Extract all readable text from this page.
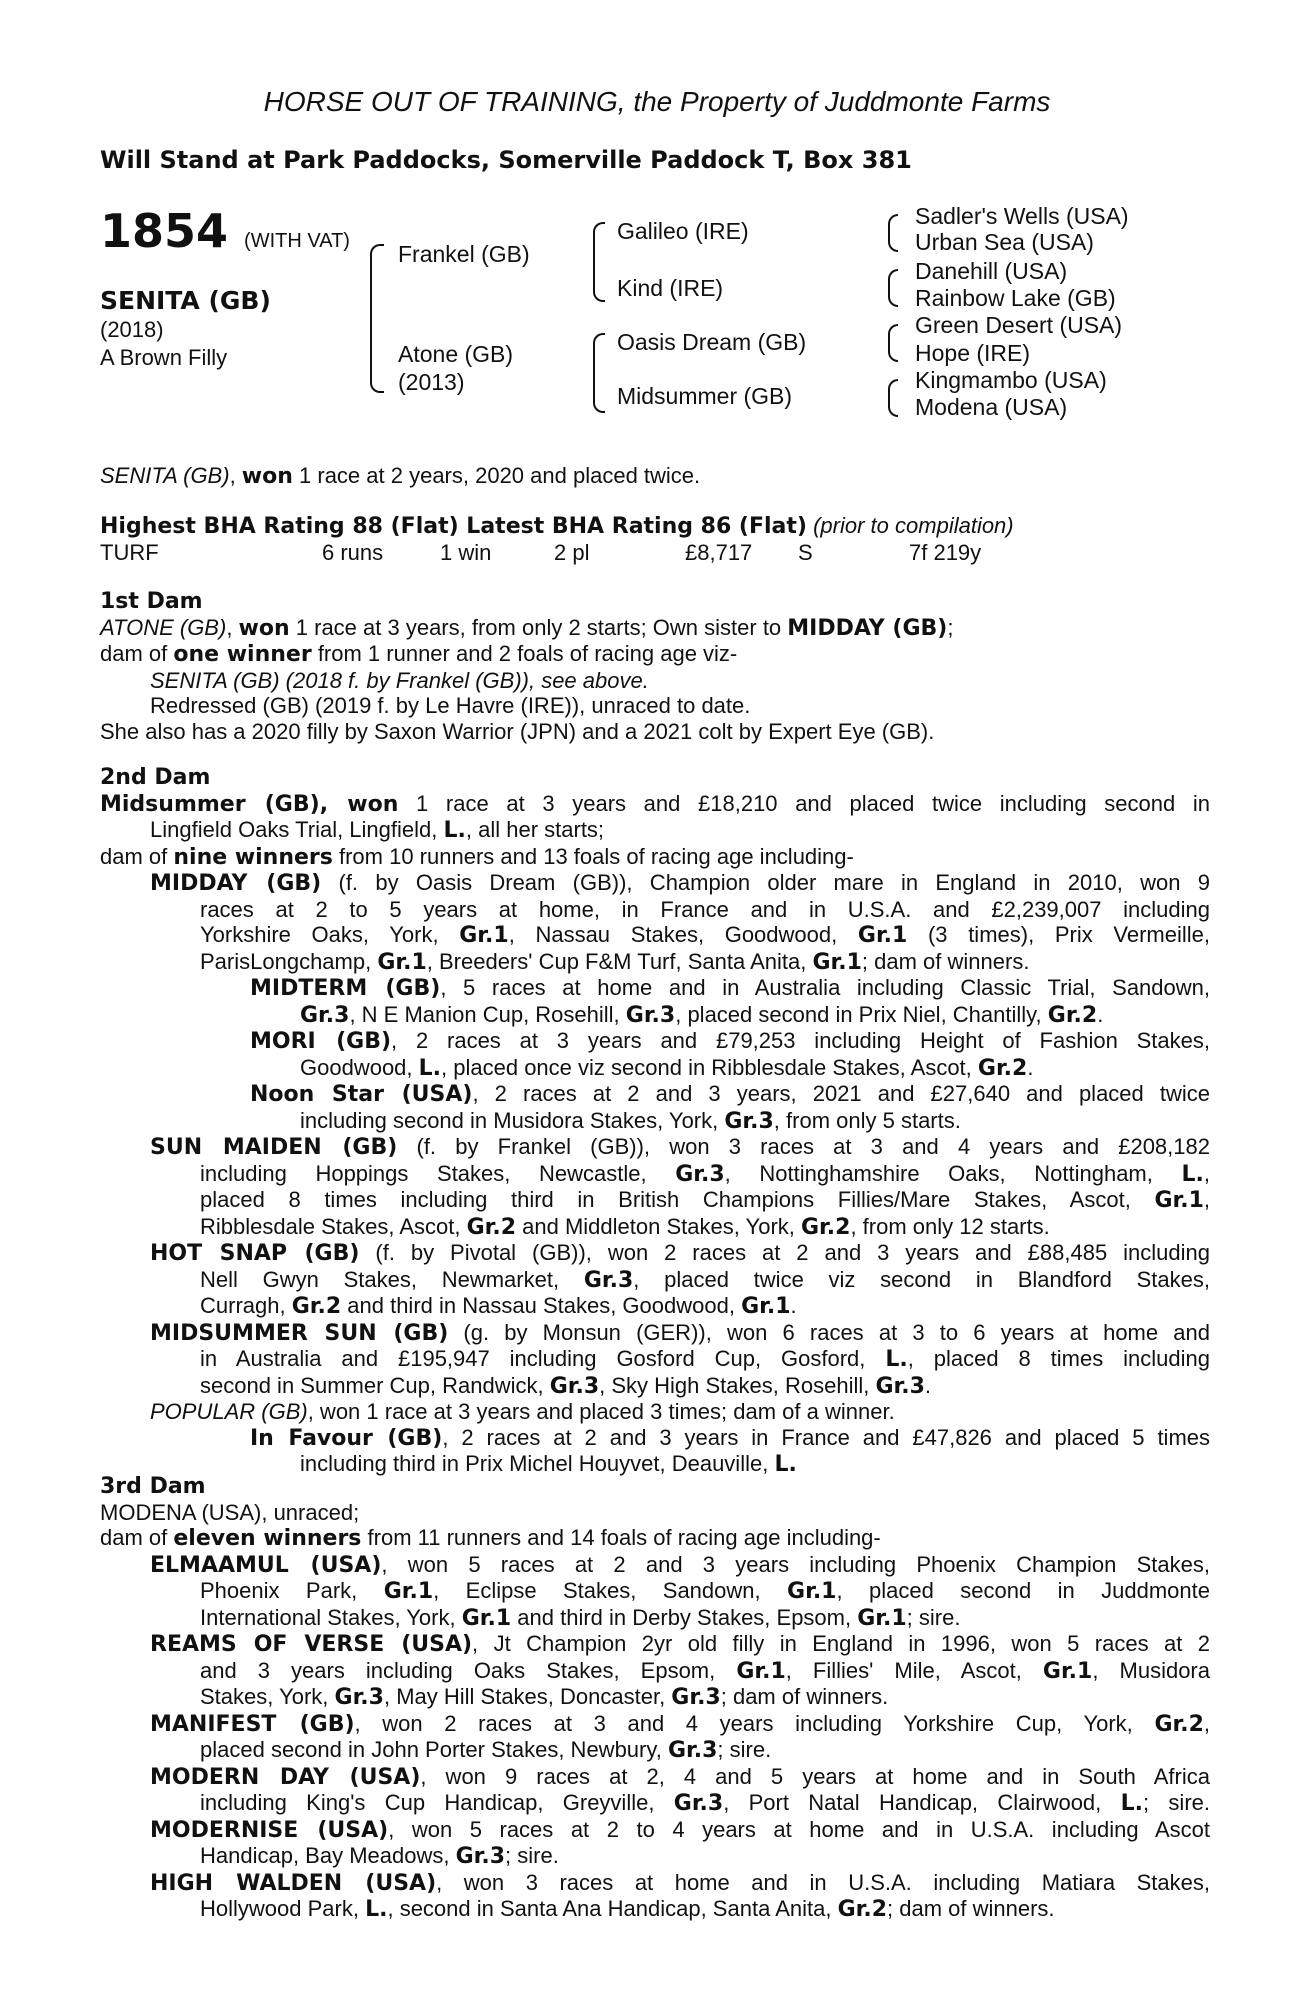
HORSE OUT OF TRAINING, the Property of Juddmonte Farms
Will Stand at Park Paddocks, Somerville Paddock T, Box 381
1854 (WITH VAT)
SENITA (GB)
(2018)
A Brown Filly
Frankel (GB)
Atone (GB)
(2013)
Galileo (IRE)
Kind (IRE)
Oasis Dream (GB)
Midsummer (GB)
Sadler's Wells (USA)
Urban Sea (USA)
Danehill (USA)
Rainbow Lake (GB)
Green Desert (USA)
Hope (IRE)
Kingmambo (USA)
Modena (USA)
SENITA (GB), won 1 race at 2 years, 2020 and placed twice.
Highest BHA Rating 88 (Flat) Latest BHA Rating 86 (Flat) (prior to compilation)
TURF	6 runs	1 win	2 pl	£8,717 S	7f 219y
1st Dam
ATONE (GB), won 1 race at 3 years, from only 2 starts; Own sister to MIDDAY (GB);
dam of one winner from 1 runner and 2 foals of racing age viz-
SENITA (GB) (2018 f. by Frankel (GB)), see above.
Redressed (GB) (2019 f. by Le Havre (IRE)), unraced to date.
She also has a 2020 filly by Saxon Warrior (JPN) and a 2021 colt by Expert Eye (GB).
2nd Dam
Midsummer (GB), won 1 race at 3 years and £18,210 and placed twice including second in
Lingfield Oaks Trial, Lingfield, L., all her starts;
dam of nine winners from 10 runners and 13 foals of racing age including-
MIDDAY (GB) (f. by Oasis Dream (GB)), Champion older mare in England in 2010, won 9
races at 2 to 5 years at home, in France and in U.S.A. and £2,239,007 including
Yorkshire Oaks, York, Gr.1, Nassau Stakes, Goodwood, Gr.1 (3 times), Prix Vermeille,
ParisLongchamp, Gr.1, Breeders' Cup F&M Turf, Santa Anita, Gr.1; dam of winners.
MIDTERM (GB), 5 races at home and in Australia including Classic Trial, Sandown,
Gr.3, N E Manion Cup, Rosehill, Gr.3, placed second in Prix Niel, Chantilly, Gr.2.
MORI (GB), 2 races at 3 years and £79,253 including Height of Fashion Stakes,
Goodwood, L., placed once viz second in Ribblesdale Stakes, Ascot, Gr.2.
Noon Star (USA), 2 races at 2 and 3 years, 2021 and £27,640 and placed twice
including second in Musidora Stakes, York, Gr.3, from only 5 starts.
SUN MAIDEN (GB) (f. by Frankel (GB)), won 3 races at 3 and 4 years and £208,182
including Hoppings Stakes, Newcastle, Gr.3, Nottinghamshire Oaks, Nottingham, L.,
placed 8 times including third in British Champions Fillies/Mare Stakes, Ascot, Gr.1,
Ribblesdale Stakes, Ascot, Gr.2 and Middleton Stakes, York, Gr.2, from only 12 starts.
HOT SNAP (GB) (f. by Pivotal (GB)), won 2 races at 2 and 3 years and £88,485 including
Nell Gwyn Stakes, Newmarket, Gr.3, placed twice viz second in Blandford Stakes,
Curragh, Gr.2 and third in Nassau Stakes, Goodwood, Gr.1.
MIDSUMMER SUN (GB) (g. by Monsun (GER)), won 6 races at 3 to 6 years at home and
in Australia and £195,947 including Gosford Cup, Gosford, L., placed 8 times including
second in Summer Cup, Randwick, Gr.3, Sky High Stakes, Rosehill, Gr.3.
POPULAR (GB), won 1 race at 3 years and placed 3 times; dam of a winner.
In Favour (GB), 2 races at 2 and 3 years in France and £47,826 and placed 5 times
including third in Prix Michel Houyvet, Deauville, L.
3rd Dam
MODENA (USA), unraced;
dam of eleven winners from 11 runners and 14 foals of racing age including-
ELMAAMUL (USA), won 5 races at 2 and 3 years including Phoenix Champion Stakes,
Phoenix Park, Gr.1, Eclipse Stakes, Sandown, Gr.1, placed second in Juddmonte
International Stakes, York, Gr.1 and third in Derby Stakes, Epsom, Gr.1; sire.
REAMS OF VERSE (USA), Jt Champion 2yr old filly in England in 1996, won 5 races at 2
and 3 years including Oaks Stakes, Epsom, Gr.1, Fillies' Mile, Ascot, Gr.1, Musidora
Stakes, York, Gr.3, May Hill Stakes, Doncaster, Gr.3; dam of winners.
MANIFEST (GB), won 2 races at 3 and 4 years including Yorkshire Cup, York, Gr.2,
placed second in John Porter Stakes, Newbury, Gr.3; sire.
MODERN DAY (USA), won 9 races at 2, 4 and 5 years at home and in South Africa
including King's Cup Handicap, Greyville, Gr.3, Port Natal Handicap, Clairwood, L.; sire.
MODERNISE (USA), won 5 races at 2 to 4 years at home and in U.S.A. including Ascot
Handicap, Bay Meadows, Gr.3; sire.
HIGH WALDEN (USA), won 3 races at home and in U.S.A. including Matiara Stakes,
Hollywood Park, L., second in Santa Ana Handicap, Santa Anita, Gr.2; dam of winners.
